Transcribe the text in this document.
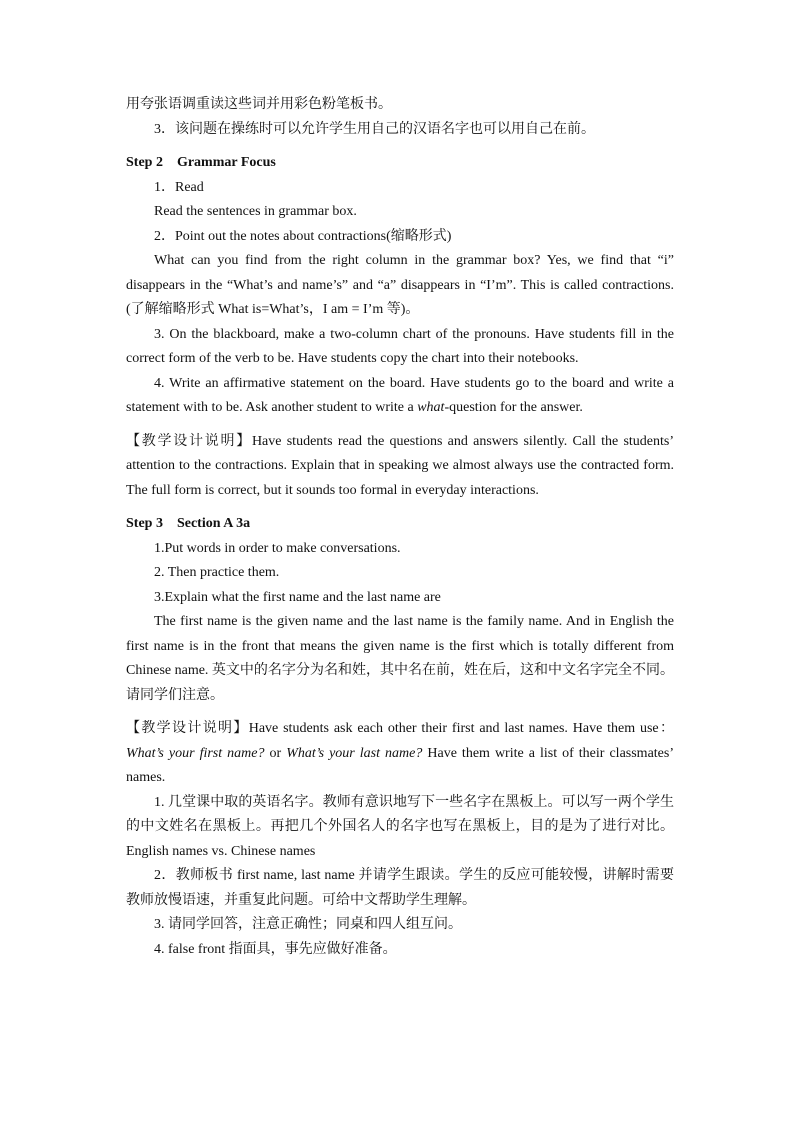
用夸张语调重读这些词并用彩色粉笔板书。

3．该问题在操练时可以允许学生用自己的汉语名字也可以用自己在前。

Step 2　Grammar Focus

1．Read

Read the sentences in grammar box.

2．Point out the notes about contractions(缩略形式)

What can you find from the right column in the grammar box? Yes, we find that “i” disappears in the “What’s and name’s” and “a” disappears in “I’m”. This is called contractions.(了解缩略形式 What is=What’s，I am = I’m 等)。

3. On the blackboard, make a two-column chart of the pronouns. Have students fill in the correct form of the verb to be. Have students copy the chart into their notebooks.

4. Write an affirmative statement on the board. Have students go to the board and write a statement with to be. Ask another student to write a what-question for the answer.

【教学设计说明】Have students read the questions and answers silently. Call the students’ attention to the contractions. Explain that in speaking we almost always use the contracted form. The full form is correct, but it sounds too formal in everyday interactions.

Step 3　Section A 3a

1.Put words in order to make conversations.

2. Then practice them.

3.Explain what the first name and the last name are

The first name is the given name and the last name is the family name. And in English the first name is in the front that means the given name is the first which is totally different from Chinese name. 英文中的名字分为名和姓，其中名在前，姓在后，这和中文名字完全不同。请同学们注意。

【教学设计说明】Have students ask each other their first and last names. Have them use：What’s your first name? or What’s your last name? Have them write a list of their classmates’ names.

1. 几堂课中取的英语名字。教师有意识地写下一些名字在黑板上。可以写一两个学生的中文姓名在黑板上。再把几个外国名人的名字也写在黑板上，目的是为了进行对比。English names vs. Chinese names

2．教师板书 first name, last name 并请学生跟读。学生的反应可能较慢，讲解时需要教师放慢语速，并重复此问题。可给中文帮助学生理解。

3. 请同学回答，注意正确性；同桌和四人组互问。

4. false front 指面具，事先应做好准备。
